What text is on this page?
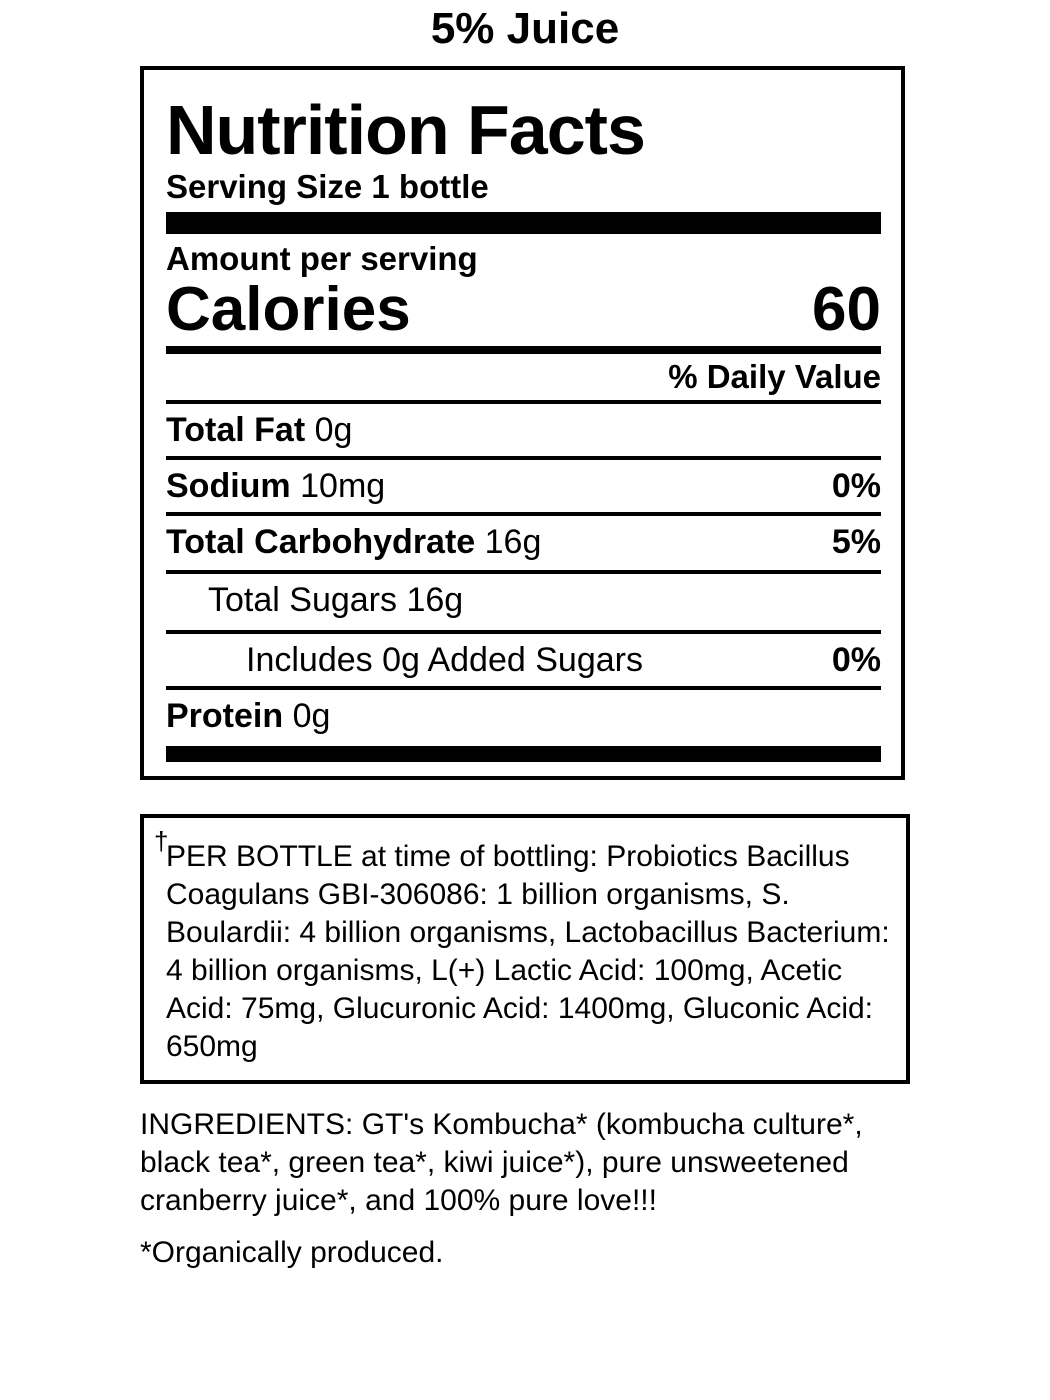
5% Juice
Nutrition Facts
Serving Size 1 bottle
Amount per serving
Calories	60
% Daily Value
Total Fat 0g
Sodium 10mg	0%
Total Carbohydrate 16g	5%
Total Sugars 16g
Includes 0g Added Sugars	0%
Protein 0g
†
PER BOTTLE at time of bottling: Probiotics Bacillus Coagulans GBI-306086: 1 billion organisms, S. Boulardii: 4 billion organisms, Lactobacillus Bacterium: 4 billion organisms, L(+) Lactic Acid: 100mg, Acetic Acid: 75mg, Glucuronic Acid: 1400mg, Gluconic Acid: 650mg
INGREDIENTS: GT's Kombucha* (kombucha culture*, black tea*, green tea*, kiwi juice*), pure unsweetened cranberry juice*, and 100% pure love!!!
*Organically produced.
